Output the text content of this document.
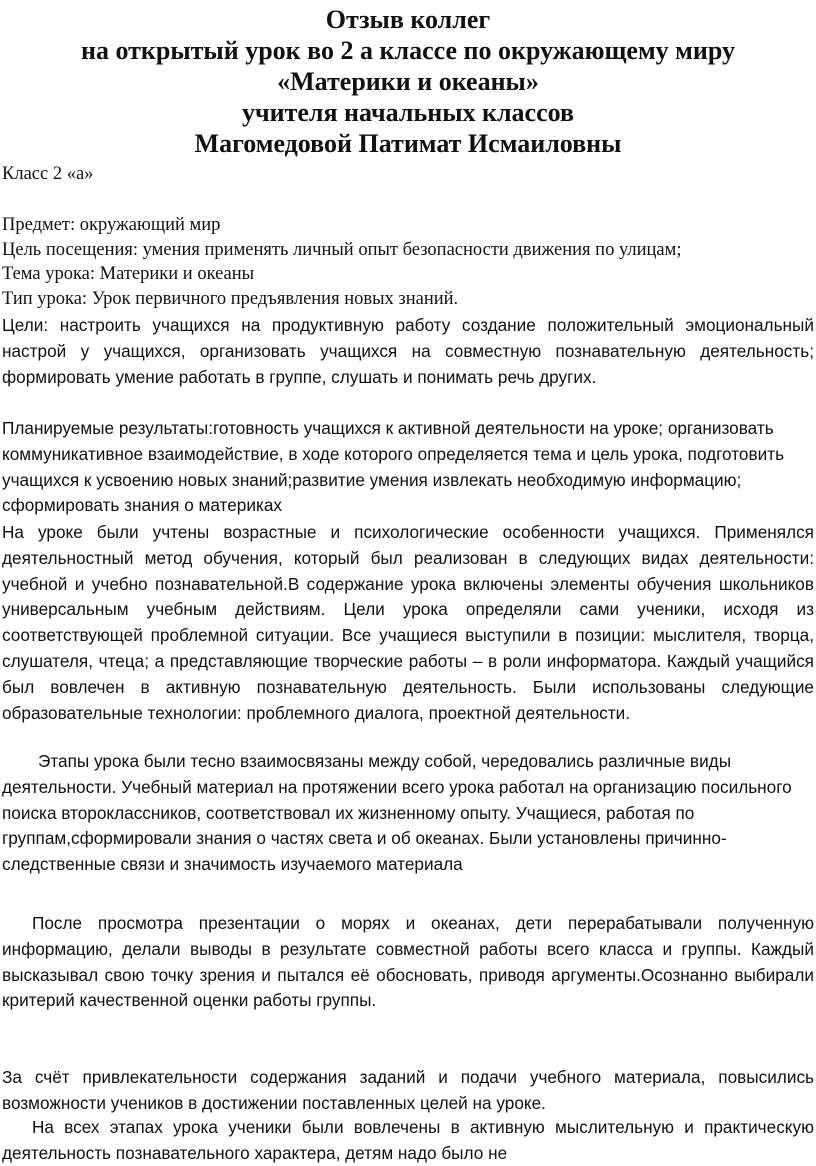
Отзыв коллег
на открытый урок во 2 а классе по окружающему миру
«Материки и океаны»
учителя начальных классов
Магомедовой Патимат Исмаиловны

Класс 2 «а»

Предмет: окружающий мир

Цель посещения: умения применять личный опыт безопасности движения по улицам;

Тема урока: Материки и океаны

Тип урока: Урок первичного предъявления новых знаний.

Цели: настроить учащихся на продуктивную работу создание положительный эмоциональный настрой у учащихся, организовать учащихся на совместную познавательную деятельность; формировать умение работать в группе, слушать и понимать речь других.

Планируемые результаты:готовность учащихся к активной деятельности на уроке; организовать коммуникативное взаимодействие, в ходе которого определяется тема и цель урока, подготовить учащихся к усвоению новых знаний;развитие умения извлекать необходимую информацию; сформировать знания о материках

На уроке были учтены возрастные и психологические особенности учащихся. Применялся деятельностный метод обучения, который был реализован в следующих видах деятельности: учебной и учебно познавательной.В содержание урока включены элементы обучения школьников универсальным учебным действиям. Цели урока определяли сами ученики, исходя из соответствующей проблемной ситуации. Все учащиеся выступили в позиции: мыслителя, творца, слушателя, чтеца; а представляющие творческие работы – в роли информатора. Каждый учащийся был вовлечен в активную познавательную деятельность. Были использованы следующие образовательные технологии: проблемного диалога, проектной деятельности.

Этапы урока были тесно взаимосвязаны между собой, чередовались различные виды деятельности. Учебный материал на протяжении всего урока работал на организацию посильного поиска второклассников, соответствовал их жизненному опыту. Учащиеся, работая по группам,сформировали знания о частях света и об океанах. Были установлены причинно-следственные связи и значимость изучаемого материала

После просмотра презентации о морях и океанах, дети перерабатывали полученную информацию, делали выводы в результате совместной работы всего класса и группы. Каждый высказывал свою точку зрения и пытался её обосновать, приводя аргументы.Осознанно выбирали критерий качественной оценки работы группы.

За счёт привлекательности содержания заданий и подачи учебного материала, повысились возможности учеников в достижении поставленных целей на уроке.

На всех этапах урока ученики были вовлечены в активную мыслительную и практическую деятельность познавательного характера, детям надо было не
